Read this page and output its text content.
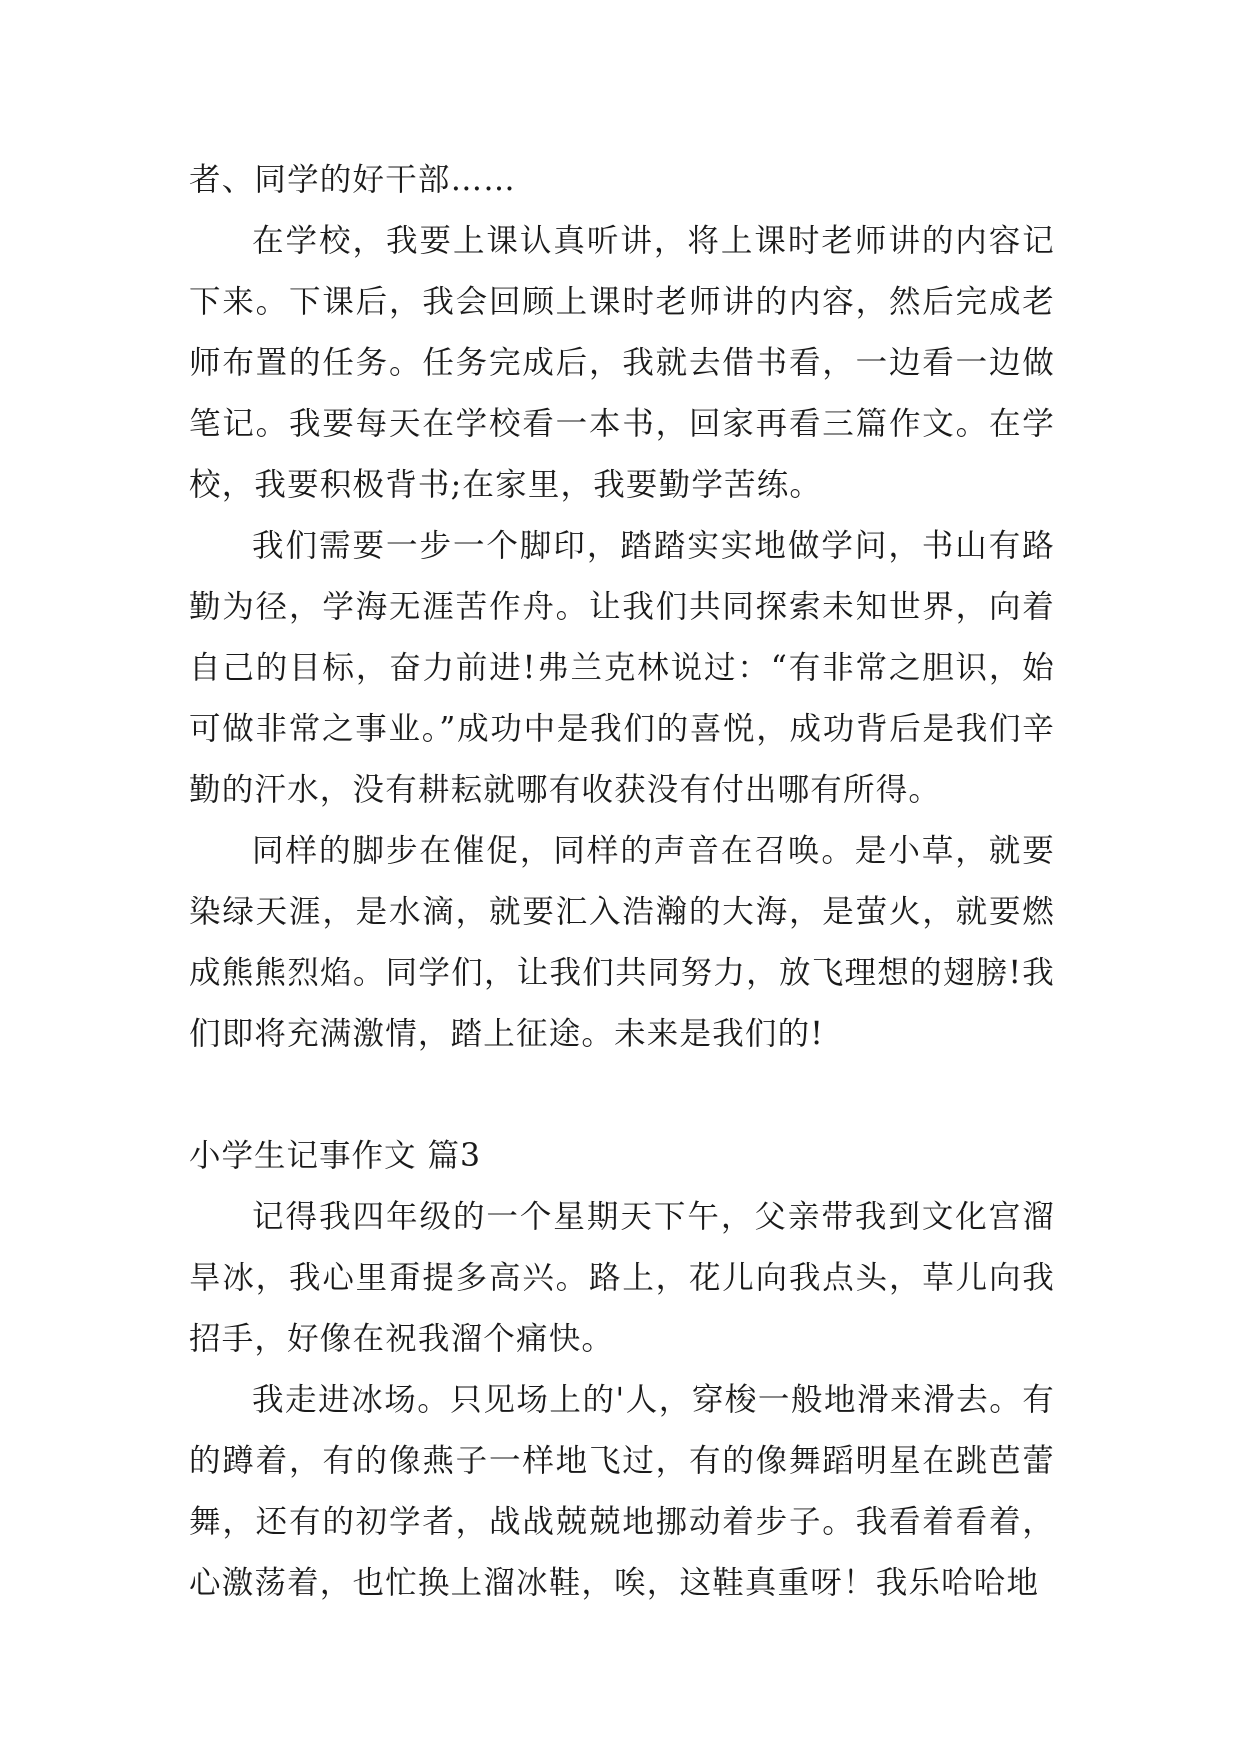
者、同学的好干部……

在学校，我要上课认真听讲，将上课时老师讲的内容记下来。下课后，我会回顾上课时老师讲的内容，然后完成老师布置的任务。任务完成后，我就去借书看，一边看一边做笔记。我要每天在学校看一本书，回家再看三篇作文。在学校，我要积极背书;在家里，我要勤学苦练。

我们需要一步一个脚印，踏踏实实地做学问，书山有路勤为径，学海无涯苦作舟。让我们共同探索未知世界，向着自己的目标，奋力前进!弗兰克林说过：“有非常之胆识，始可做非常之事业。”成功中是我们的喜悦，成功背后是我们辛勤的汗水，没有耕耘就哪有收获没有付出哪有所得。

同样的脚步在催促，同样的声音在召唤。是小草，就要染绿天涯，是水滴，就要汇入浩瀚的大海，是萤火，就要燃成熊熊烈焰。同学们，让我们共同努力，放飞理想的翅膀!我们即将充满激情，踏上征途。未来是我们的!

小学生记事作文 篇3

记得我四年级的一个星期天下午，父亲带我到文化宫溜旱冰，我心里甭提多高兴。路上，花儿向我点头，草儿向我招手，好像在祝我溜个痛快。

我走进冰场。只见场上的'人，穿梭一般地滑来滑去。有的蹲着，有的像燕子一样地飞过，有的像舞蹈明星在跳芭蕾舞，还有的初学者，战战兢兢地挪动着步子。我看着看着，心激荡着，也忙换上溜冰鞋，唉，这鞋真重呀！我乐哈哈地
